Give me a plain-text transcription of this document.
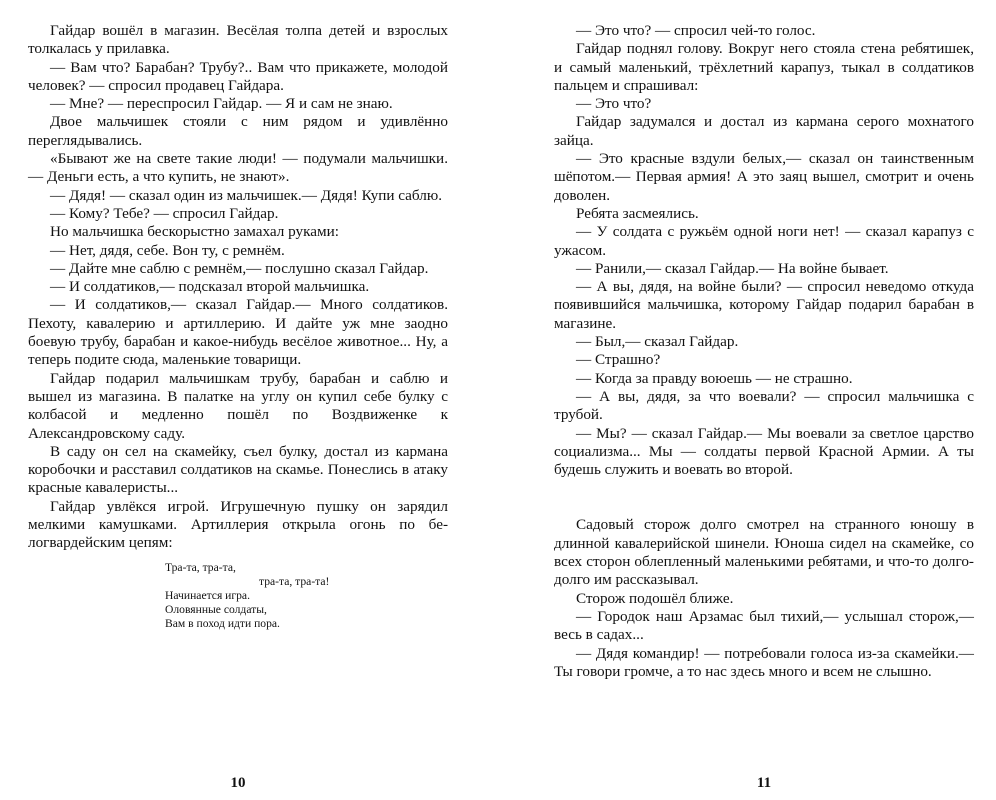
Гайдар вошёл в магазин. Весёлая толпа детей и взрослых толкалась у прилавка.

— Вам что? Барабан? Трубу?.. Вам что прикажете, молодой человек? — спросил продавец Гайдара.

— Мне? — переспросил Гайдар. — Я и сам не знаю.

Двое мальчишек стояли с ним рядом и удивлённо переглядывались.

«Бывают же на свете такие люди! — подумали мальчишки.— Деньги есть, а что купить, не знают».

— Дядя! — сказал один из мальчишек.— Дядя! Купи саблю.

— Кому? Тебе? — спросил Гайдар.

Но мальчишка бескорыстно замахал руками:

— Нет, дядя, себе. Вон ту, с ремнём.

— Дайте мне саблю с ремнём,— послушно сказал Гайдар.

— И солдатиков,— подсказал второй мальчишка.

— И солдатиков,— сказал Гайдар.— Много солдатиков. Пехоту, кавалерию и артиллерию. И дайте уж мне заодно боевую трубу, барабан и какое-нибудь весёлое животное... Ну, а теперь подите сюда, маленькие товарищи.

Гайдар подарил мальчишкам трубу, барабан и саблю и вышел из магазина. В палатке на углу он купил себе булку с колбасой и медленно пошёл по Воздвиженке к Александровскому саду.

В саду он сел на скамейку, съел булку, достал из кармана коробочки и расставил солдатиков на скамье. Понеслись в атаку красные кавалеристы...

Гайдар увлёкся игрой. Игрушечную пушку он зарядил мелкими камушками. Артиллерия открыла огонь по белогвардейским цепям:

Тра-та, тра-та,
тра-та, тра-та!
Начинается игра.
Оловянные солдаты,
Вам в поход идти пора.
10

— Это что? — спросил чей-то голос.

Гайдар поднял голову. Вокруг него стояла стена ребятишек, и самый маленький, трёхлетний карапуз, тыкал в солдатиков пальцем и спрашивал:

— Это что?

Гайдар задумался и достал из кармана серого мохнатого зайца.

— Это красные вздули белых,— сказал он таинственным шёпотом.— Первая армия! А это заяц вышел, смотрит и очень доволен.

Ребята засмеялись.

— У солдата с ружьём одной ноги нет! — сказал карапуз с ужасом.

— Ранили,— сказал Гайдар.— На войне бывает.

— А вы, дядя, на войне были? — спросил неведомо откуда появившийся мальчишка, которому Гайдар подарил барабан в магазине.

— Был,— сказал Гайдар.

— Страшно?

— Когда за правду воюешь — не страшно.

— А вы, дядя, за что воевали? — спросил мальчишка с трубой.

— Мы? — сказал Гайдар.— Мы воевали за светлое царство социализма... Мы — солдаты первой Красной Армии. А ты будешь служить и воевать во второй.

Садовый сторож долго смотрел на странного юношу в длинной кавалерийской шинели. Юноша сидел на скамейке, со всех сторон облепленный маленькими ребятами, и что-то долго-долго им рассказывал.

Сторож подошёл ближе.

— Городок наш Арзамас был тихий,— услышал сторож,— весь в садах...

— Дядя командир! — потребовали голоса из-за скамейки.— Ты говори громче, а то нас здесь много и всем не слышно.

11
